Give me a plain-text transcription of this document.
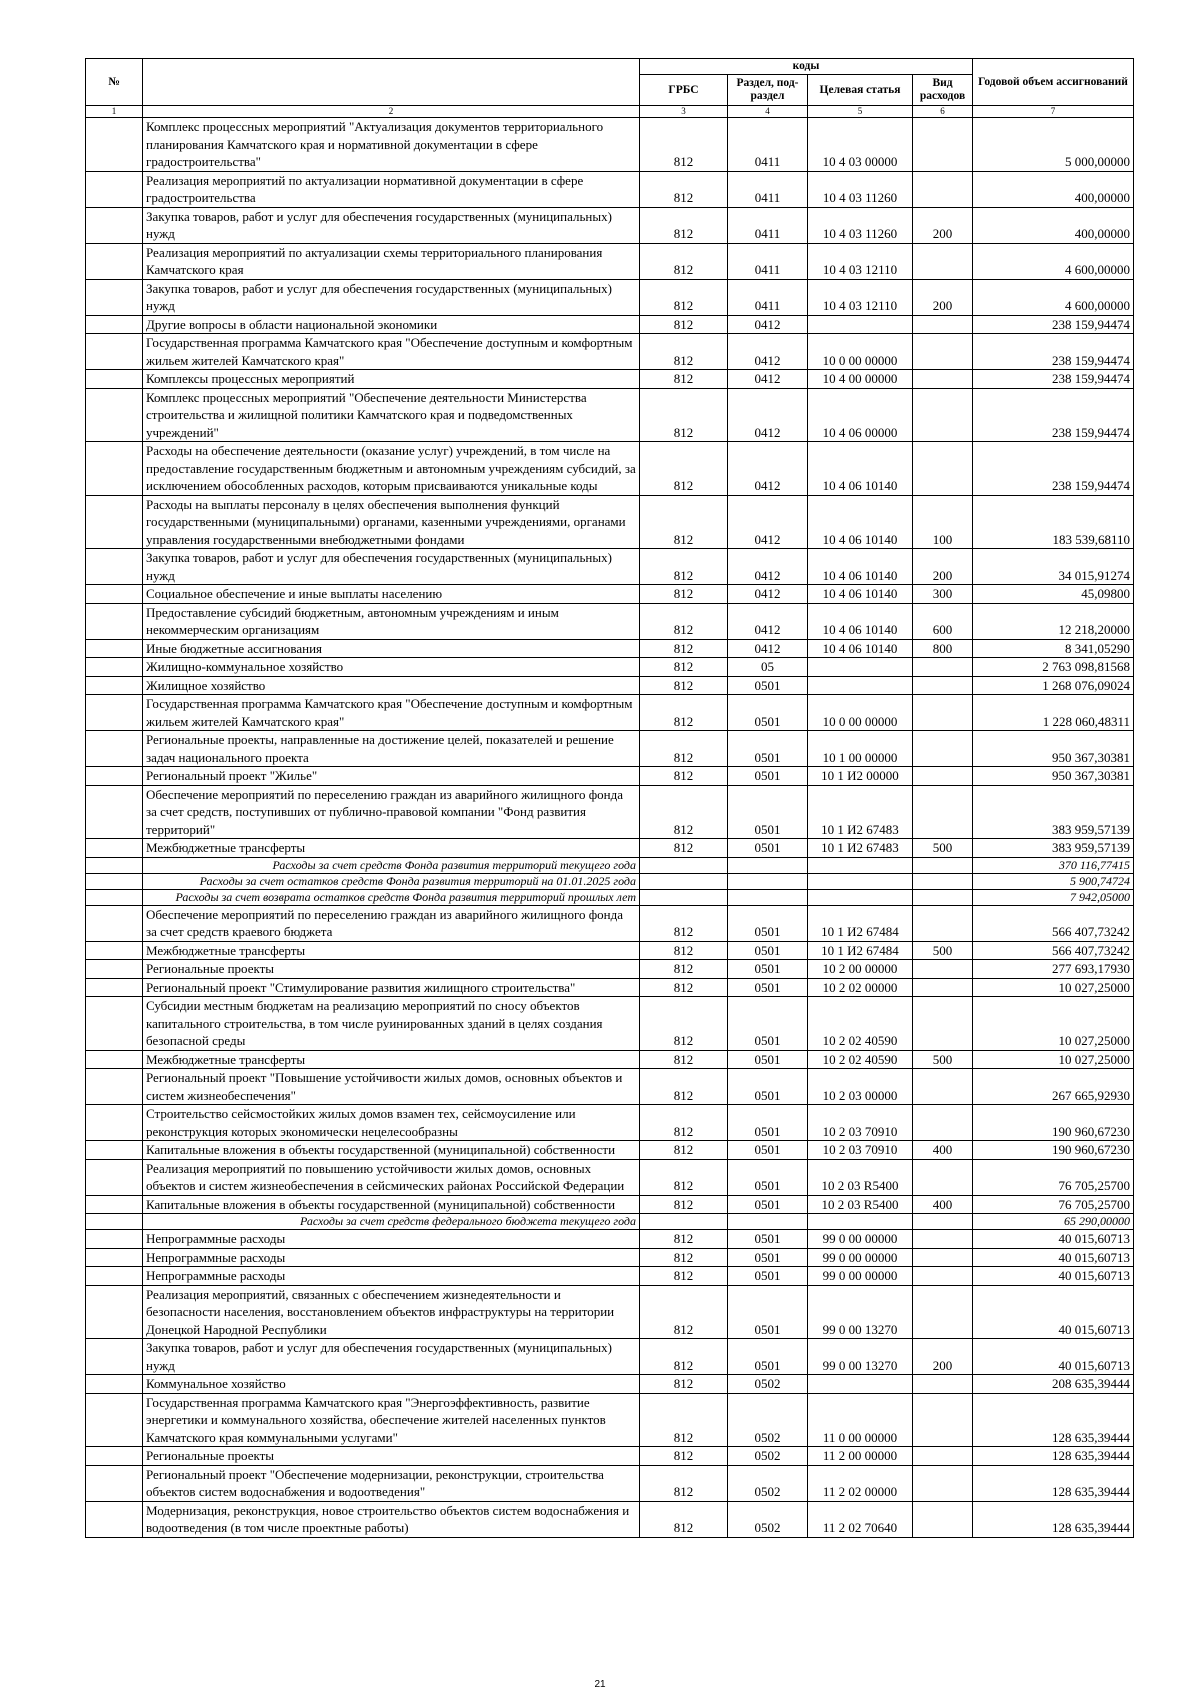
№		коды				Годовой объем ассигнований
		ГРБС	Раздел, под-раздел	Целевая статья	Вид расходов	
1	2	3	4	5	6	7
	Комплекс процессных мероприятий "Актуализация документов территориального планирования Камчатского края и нормативной документации в сфере градостроительства"	812	0411	10 4 03 00000		5 000,00000
	Реализация мероприятий по актуализации нормативной документации в сфере градостроительства	812	0411	10 4 03 11260		400,00000
	Закупка товаров, работ и услуг для обеспечения государственных (муниципальных) нужд	812	0411	10 4 03 11260	200	400,00000
	Реализация мероприятий по актуализации схемы территориального планирования Камчатского края	812	0411	10 4 03 12110		4 600,00000
	Закупка товаров, работ и услуг для обеспечения государственных (муниципальных) нужд	812	0411	10 4 03 12110	200	4 600,00000
	Другие вопросы в области национальной экономики	812	0412			238 159,94474
	Государственная программа Камчатского края "Обеспечение доступным и комфортным жильем жителей Камчатского края"	812	0412	10 0 00 00000		238 159,94474
	Комплексы процессных мероприятий	812	0412	10 4 00 00000		238 159,94474
	Комплекс процессных мероприятий "Обеспечение деятельности Министерства строительства и жилищной политики Камчатского края и подведомственных учреждений"	812	0412	10 4 06 00000		238 159,94474
	Расходы на обеспечение деятельности (оказание услуг) учреждений, в том числе на предоставление государственным бюджетным и автономным учреждениям субсидий, за исключением обособленных расходов, которым присваиваются уникальные коды	812	0412	10 4 06 10140		238 159,94474
	Расходы на выплаты персоналу в целях обеспечения выполнения функций государственными (муниципальными) органами, казенными учреждениями, органами управления государственными внебюджетными фондами	812	0412	10 4 06 10140	100	183 539,68110
	Закупка товаров, работ и услуг для обеспечения государственных (муниципальных) нужд	812	0412	10 4 06 10140	200	34 015,91274
	Социальное обеспечение и иные выплаты населению	812	0412	10 4 06 10140	300	45,09800
	Предоставление субсидий бюджетным, автономным учреждениям и иным некоммерческим организациям	812	0412	10 4 06 10140	600	12 218,20000
	Иные бюджетные ассигнования	812	0412	10 4 06 10140	800	8 341,05290
	Жилищно-коммунальное хозяйство	812	05			2 763 098,81568
	Жилищное хозяйство	812	0501			1 268 076,09024
	Государственная программа Камчатского края "Обеспечение доступным и комфортным жильем жителей Камчатского края"	812	0501	10 0 00 00000		1 228 060,48311
	Региональные проекты, направленные на достижение целей, показателей и решение задач национального проекта	812	0501	10 1 00 00000		950 367,30381
	Региональный проект "Жилье"	812	0501	10 1 И2 00000		950 367,30381
	Обеспечение мероприятий по переселению граждан из аварийного жилищного фонда за счет средств, поступивших от публично-правовой компании "Фонд развития территорий"	812	0501	10 1 И2 67483		383 959,57139
	Межбюджетные трансферты	812	0501	10 1 И2 67483	500	383 959,57139
	Расходы за счет средств Фонда развития территорий текущего года					370 116,77415
	Расходы за счет остатков средств Фонда развития территорий на 01.01.2025 года					5 900,74724
	Расходы за счет возврата остатков средств Фонда развития территорий прошлых лет					7 942,05000
	Обеспечение мероприятий по переселению граждан из аварийного жилищного фонда за счет средств краевого бюджета	812	0501	10 1 И2 67484		566 407,73242
	Межбюджетные трансферты	812	0501	10 1 И2 67484	500	566 407,73242
	Региональные проекты	812	0501	10 2 00 00000		277 693,17930
	Региональный проект "Стимулирование развития жилищного строительства"	812	0501	10 2 02 00000		10 027,25000
	Субсидии местным бюджетам на реализацию мероприятий по сносу объектов капитального строительства, в том числе руинированных зданий в целях создания безопасной среды	812	0501	10 2 02 40590		10 027,25000
	Межбюджетные трансферты	812	0501	10 2 02 40590	500	10 027,25000
	Региональный проект "Повышение устойчивости жилых домов, основных объектов и систем жизнеобеспечения"	812	0501	10 2 03 00000		267 665,92930
	Строительство сейсмостойких жилых домов взамен тех, сейсмоусиление или реконструкция которых экономически нецелесообразны	812	0501	10 2 03 70910		190 960,67230
	Капитальные вложения в объекты государственной (муниципальной) собственности	812	0501	10 2 03 70910	400	190 960,67230
	Реализация мероприятий по повышению устойчивости жилых домов, основных объектов и систем жизнеобеспечения в сейсмических районах Российской Федерации	812	0501	10 2 03 R5400		76 705,25700
	Капитальные вложения в объекты государственной (муниципальной) собственности	812	0501	10 2 03 R5400	400	76 705,25700
	Расходы за счет средств федерального бюджета текущего года					65 290,00000
	Непрограммные расходы	812	0501	99 0 00 00000		40 015,60713
	Непрограммные расходы	812	0501	99 0 00 00000		40 015,60713
	Непрограммные расходы	812	0501	99 0 00 00000		40 015,60713
	Реализация мероприятий, связанных с обеспечением жизнедеятельности и безопасности населения, восстановлением объектов инфраструктуры на территории Донецкой Народной Республики	812	0501	99 0 00 13270		40 015,60713
	Закупка товаров, работ и услуг для обеспечения государственных (муниципальных) нужд	812	0501	99 0 00 13270	200	40 015,60713
	Коммунальное хозяйство	812	0502			208 635,39444
	Государственная программа Камчатского края "Энергоэффективность, развитие энергетики и коммунального хозяйства, обеспечение жителей населенных пунктов Камчатского края коммунальными услугами"	812	0502	11 0 00 00000		128 635,39444
	Региональные проекты	812	0502	11 2 00 00000		128 635,39444
	Региональный проект "Обеспечение модернизации, реконструкции, строительства объектов систем водоснабжения и водоотведения"	812	0502	11 2 02 00000		128 635,39444
	Модернизация, реконструкция, новое строительство объектов систем водоснабжения и водоотведения (в том числе проектные работы)	812	0502	11 2 02 70640		128 635,39444
21
